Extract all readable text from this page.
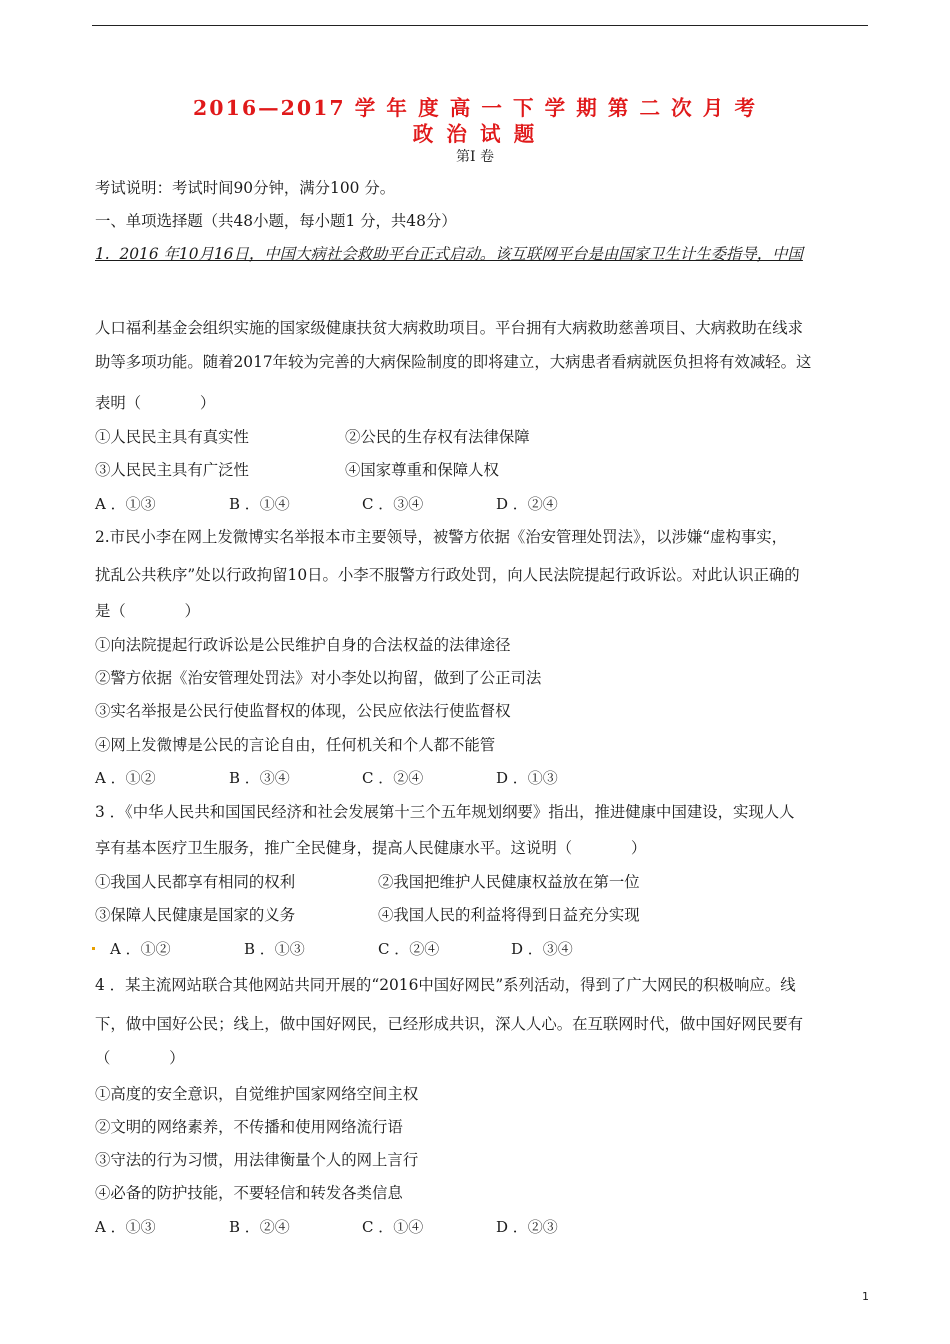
2016—2017 学 年 度 高 一 下 学 期 第 二 次 月 考
政 治 试 题
第I 卷
考试说明：考试时间90分钟，满分100 分。
一、单项选择题（共48小题，每小题1 分，共48分）
1.  2016 年10月16日，中国大病社会救助平台正式启动。该互联网平台是由国家卫生计生委指导，中国
人口福利基金会组织实施的国家级健康扶贫大病救助项目。平台拥有大病救助慈善项目、大病救助在线求
助等多项功能。随着2017年较为完善的大病保险制度的即将建立，大病患者看病就医负担将有效减轻。这
表明（            ）
①人民民主具有真实性	②公民的生存权有法律保障
③人民民主具有广泛性	④国家尊重和保障人权
A ．①③	B ．①④	C ．③④	D ．②④
2.市民小李在网上发微博实名举报本市主要领导，被警方依据《治安管理处罚法》，以涉嫌“虚构事实，
扰乱公共秩序”处以行政拘留10日。小李不服警方行政处罚，向人民法院提起行政诉讼。对此认识正确的
是（            ）
①向法院提起行政诉讼是公民维护自身的合法权益的法律途径
②警方依据《治安管理处罚法》对小李处以拘留，做到了公正司法
③实名举报是公民行使监督权的体现，公民应依法行使监督权
④网上发微博是公民的言论自由，任何机关和个人都不能管
A ．①②	B ．③④	C ．②④	D ．①③
3 ．《中华人民共和国国民经济和社会发展第十三个五年规划纲要》指出，推进健康中国建设，实现人人
享有基本医疗卫生服务，推广全民健身，提高人民健康水平。这说明（            ）
①我国人民都享有相同的权利	②我国把维护人民健康权益放在第一位
③保障人民健康是国家的义务	④我国人民的利益将得到日益充分实现
A ．①②	B ．①③	C ．②④	D ．③④
4 ．某主流网站联合其他网站共同开展的“2016中国好网民”系列活动，得到了广大网民的积极响应。线
下，做中国好公民；线上，做中国好网民，已经形成共识，深人人心。在互联网时代，做中国好网民要有
（            ）
①高度的安全意识，自觉维护国家网络空间主权
②文明的网络素养，不传播和使用网络流行语
③守法的行为习惯，用法律衡量个人的网上言行
④必备的防护技能，不要轻信和转发各类信息
A ．①③	B ．②④	C ．①④	D ．②③
1
